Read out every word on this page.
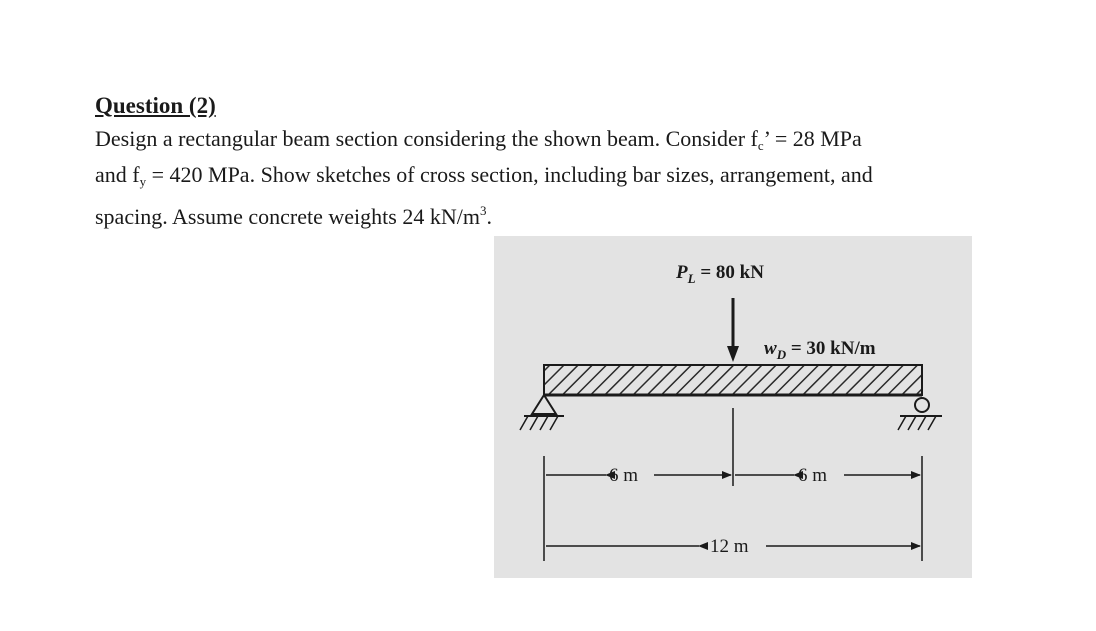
Question (2)
Design a rectangular beam section considering the shown beam. Consider $f_c$’ = 28 MPa
and $f_y = 420$ MPa. Show sketches of cross section, including bar sizes, arrangement, and
spacing. Assume concrete weights 24 $kN/m^3$.
$P_L = 80$ kN
$w_D = 30$ kN/m
6 m	6 m
12 m
